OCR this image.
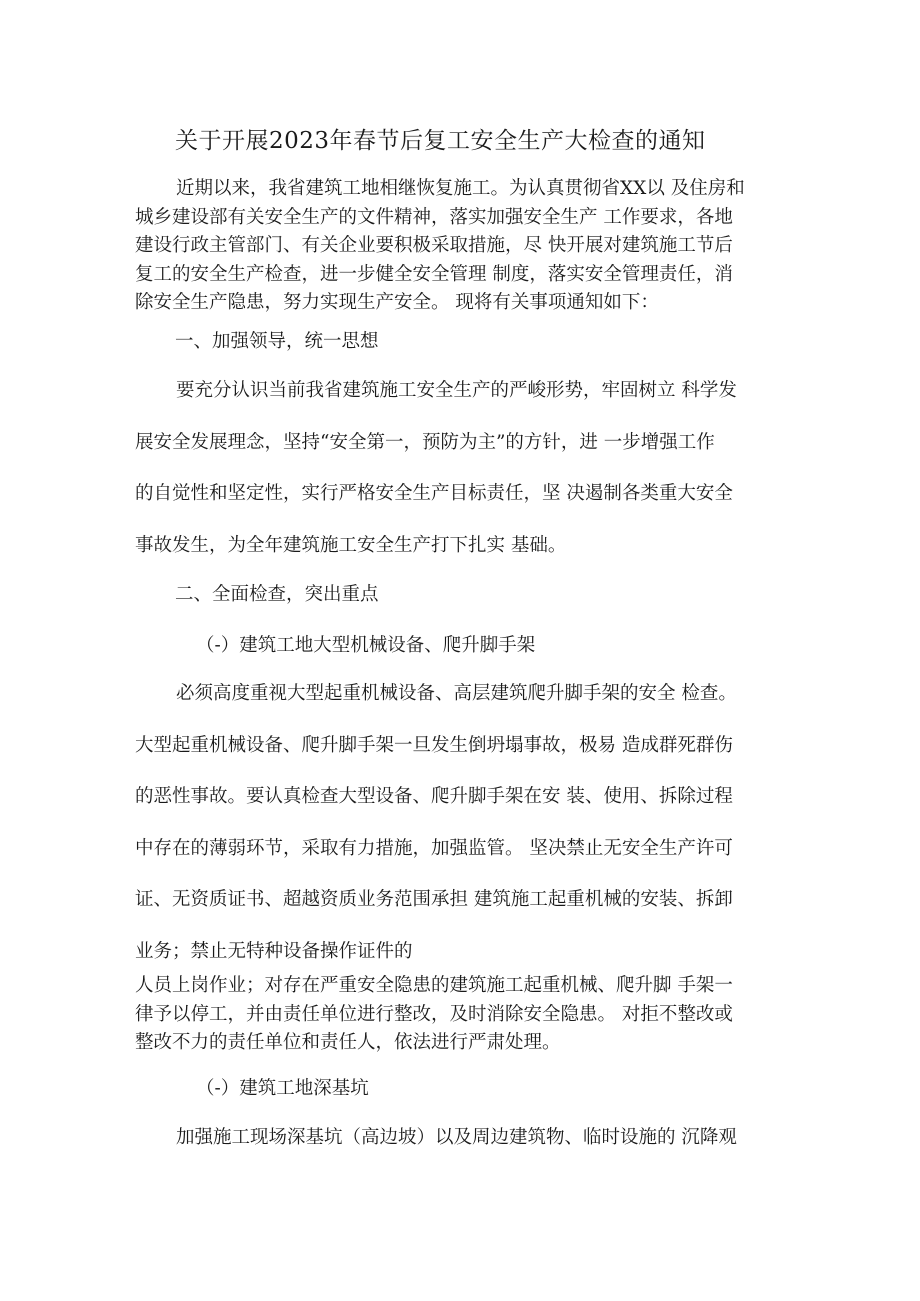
关于开展2023年春节后复工安全生产大检查的通知
近期以来，我省建筑工地相继恢复施工。为认真贯彻省XX以 及住房和
城乡建设部有关安全生产的文件精神，落实加强安全生产 工作要求，各地
建设行政主管部门、有关企业要积极采取措施，尽 快开展对建筑施工节后
复工的安全生产检查，进一步健全安全管理 制度，落实安全管理责任，消
除安全生产隐患，努力实现生产安全。 现将有关事项通知如下：
一、加强领导，统一思想
要充分认识当前我省建筑施工安全生产的严峻形势，牢固树立 科学发
展安全发展理念，坚持“安全第一，预防为主”的方针，进 一步增强工作
的自觉性和坚定性，实行严格安全生产目标责任，坚 决遏制各类重大安全
事故发生，为全年建筑施工安全生产打下扎实 基础。
二、全面检查，突出重点
（-）建筑工地大型机械设备、爬升脚手架
必须高度重视大型起重机械设备、高层建筑爬升脚手架的安全 检查。
大型起重机械设备、爬升脚手架一旦发生倒坍塌事故，极易 造成群死群伤
的恶性事故。要认真检查大型设备、爬升脚手架在安 装、使用、拆除过程
中存在的薄弱环节，采取有力措施，加强监管。 坚决禁止无安全生产许可
证、无资质证书、超越资质业务范围承担 建筑施工起重机械的安装、拆卸
业务；禁止无特种设备操作证件的
人员上岗作业；对存在严重安全隐患的建筑施工起重机械、爬升脚 手架一
律予以停工，并由责任单位进行整改，及时消除安全隐患。 对拒不整改或
整改不力的责任单位和责任人，依法进行严肃处理。
（-）建筑工地深基坑
加强施工现场深基坑（高边坡）以及周边建筑物、临时设施的 沉降观
